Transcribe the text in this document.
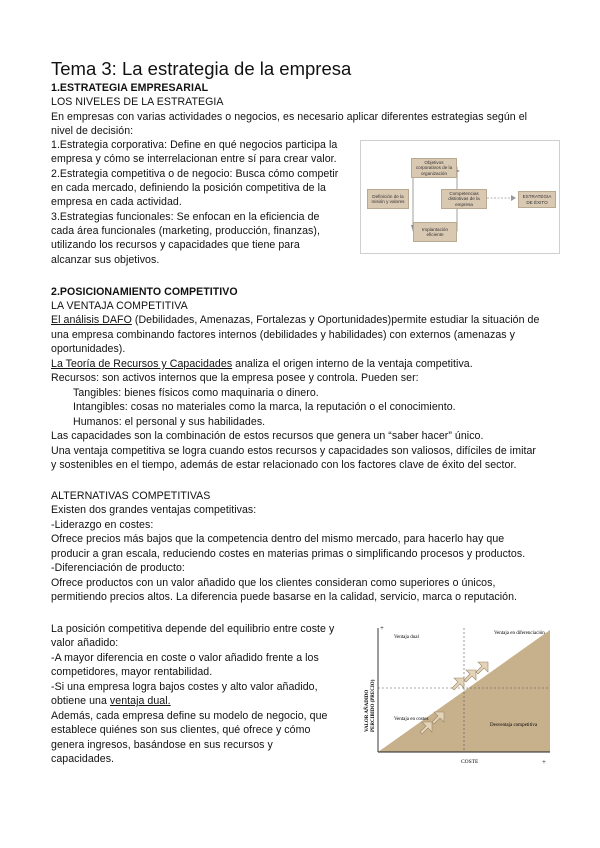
Tema 3: La estrategia de la empresa
1.ESTRATEGIA EMPRESARIAL
LOS NIVELES DE LA ESTRATEGIA
En empresas con varias actividades o negocios, es necesario aplicar diferentes estrategias según el
nivel de decisión:
1.Estrategia corporativa: Define en qué negocios participa la
empresa y cómo se interrelacionan entre sí para crear valor.
2.Estrategia competitiva o de negocio: Busca cómo competir
en cada mercado, definiendo la posición competitiva de la
empresa en cada actividad.
3.Estrategias funcionales: Se enfocan en la eficiencia de
cada área funcionales (marketing, producción, finanzas),
utilizando los recursos y capacidades que tiene para
alcanzar sus objetivos.
Objetivos corporativos de la organización
Definición de la misión y valores
Competencias distintivas de la empresa
Implantación eficiente
ESTRATEGIA DE ÉXITO
2.POSICIONAMIENTO COMPETITIVO
LA VENTAJA COMPETITIVA
El análisis DAFO (Debilidades, Amenazas, Fortalezas y Oportunidades)permite estudiar la situación de
una empresa combinando factores internos (debilidades y habilidades) con externos (amenazas y
oportunidades).
La Teoría de Recursos y Capacidades analiza el origen interno de la ventaja competitiva.
Recursos: son activos internos que la empresa posee y controla. Pueden ser:
Tangibles: bienes físicos como maquinaria o dinero.
Intangibles: cosas no materiales como la marca, la reputación o el conocimiento.
Humanos: el personal y sus habilidades.
Las capacidades son la combinación de estos recursos que genera un “saber hacer” único.
Una ventaja competitiva se logra cuando estos recursos y capacidades son valiosos, difíciles de imitar
y sostenibles en el tiempo, además de estar relacionado con los factores clave de éxito del sector.
ALTERNATIVAS COMPETITIVAS
Existen dos grandes ventajas competitivas:
-Liderazgo en costes:
Ofrece precios más bajos que la competencia dentro del mismo mercado, para hacerlo hay que
producir a gran escala, reduciendo costes en materias primas o simplificando procesos y productos.
-Diferenciación de producto:
Ofrece productos con un valor añadido que los clientes consideran como superiores o únicos,
permitiendo precios altos. La diferencia puede basarse en la calidad, servicio, marca o reputación.
La posición competitiva depende del equilibrio entre coste y
valor añadido:
-A mayor diferencia en coste o valor añadido frente a los
competidores, mayor rentabilidad.
-Si una empresa logra bajos costes y alto valor añadido,
obtiene una ventaja dual.
Además, cada empresa define su modelo de negocio, que
establece quiénes son sus clientes, qué ofrece y cómo
genera ingresos, basándose en sus recursos y
capacidades.
+
+
COSTE
VALOR AÑADIDO PERCIBIDO (PRECIO)
Ventaja dual
Ventaja en diferenciación
Ventaja en costes
Desventaja competitiva
